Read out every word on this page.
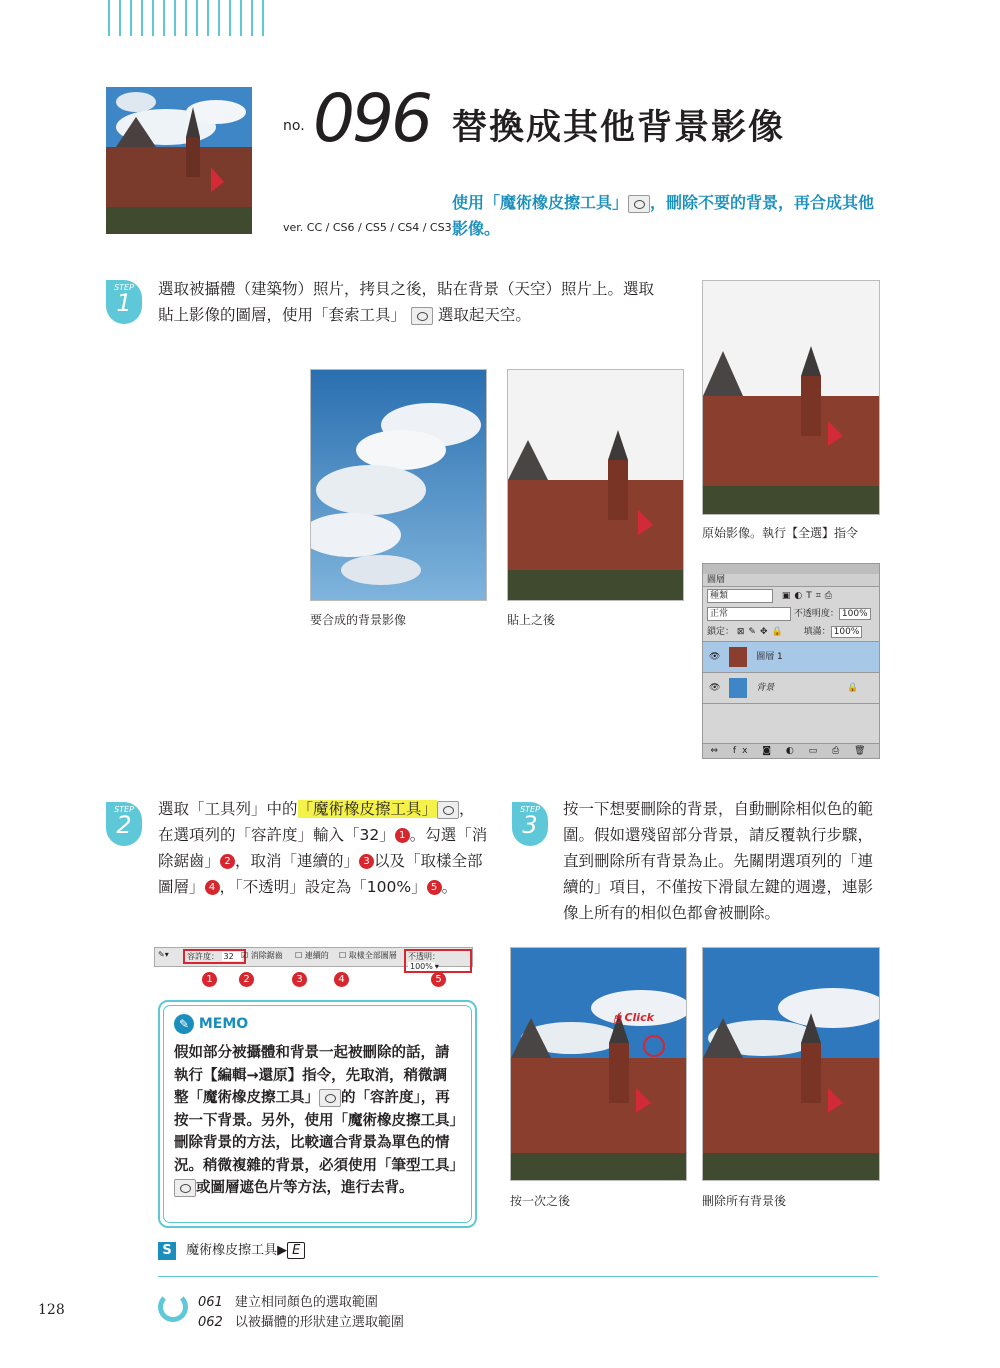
no. 096 替換成其他背景影像
使用「魔術橡皮擦工具」 ，刪除不要的背景，再合成其他影像。
ver. CC / CS6 / CS5 / CS4 / CS3
STEP
1	選取被攝體（建築物）照片，拷貝之後，貼在背景（天空）照片上。選取貼上影像的圖層，使用「套索工具」 選取起天空。
要合成的背景影像	貼上之後
原始影像。執行【全選】指令
圖層
種類	▣◐T⌗⎙
正常	不透明度： 100%
鎖定： ⊠✎✥🔒 填滿： 100%
👁	圖層 1
👁	背景	🔒
⇔ fx ◙ ◐ ▭ ⎙ 🗑
STEP
2
選取「工具列」中的「魔術橡皮擦工具」 ，在選項列的「容許度」輸入「32」 1 。勾選「消除鋸齒」 2 ，取消「連續的」 3 以及「取樣全部圖層」 4 ，「不透明」設定為「100%」 5 。
✎▾	容許度： 32 ☑ 消除鋸齒 ☐ 連續的 ☐ 取樣全部圖層	不透明：100% ▾
1	2	3	4	5
✎ MEMO
假如部分被攝體和背景一起被刪除的話，請執行【編輯→還原】指令，先取消，稍微調整「魔術橡皮擦工具」 的「容許度」，再按一下背景。另外，使用「魔術橡皮擦工具」刪除背景的方法，比較適合背景為單色的情況。稍微複雜的背景，必須使用「筆型工具」或圖層遮色片等方法，進行去背。
S 魔術橡皮擦工具▶ E
STEP
3
按一下想要刪除的背景，自動刪除相似色的範圍。假如還殘留部分背景，請反覆執行步驟，直到刪除所有背景為止。先關閉選項列的「連續的」項目，不僅按下滑鼠左鍵的週邊，連影像上所有的相似色都會被刪除。
🖱 Click
按一次之後	刪除所有背景後
061 建立相同顏色的選取範圍
062 以被攝體的形狀建立選取範圍
128
